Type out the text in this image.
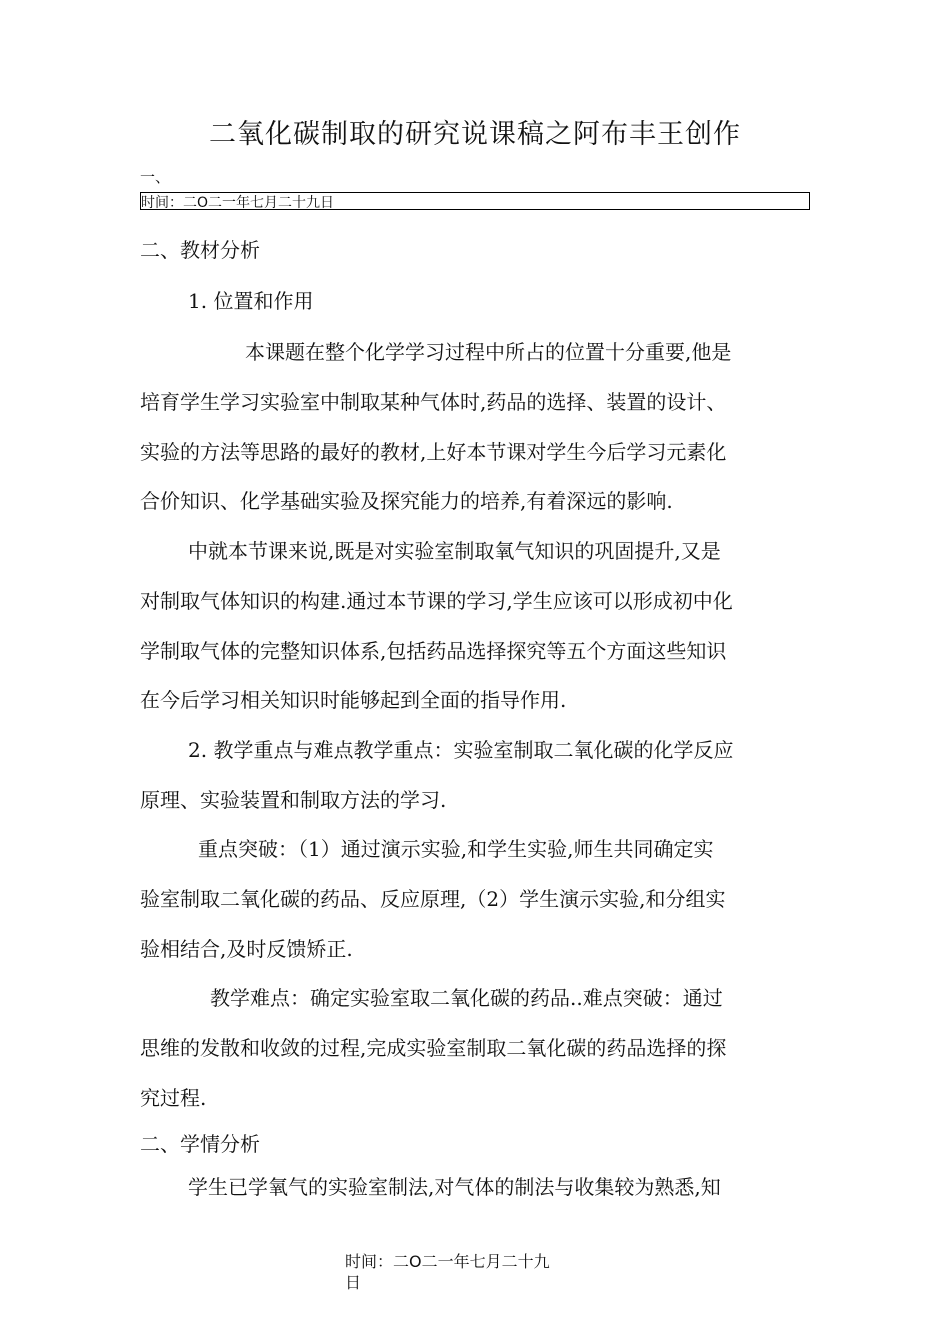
二氧化碳制取的研究说课稿之阿布丰王创作
一、
时间：二O二一年七月二十九日
二、教材分析
1. 位置和作用
本课题在整个化学学习过程中所占的位置十分重要,他是
培育学生学习实验室中制取某种气体时,药品的选择、装置的设计、
实验的方法等思路的最好的教材,上好本节课对学生今后学习元素化
合价知识、化学基础实验及探究能力的培养,有着深远的影响.
中就本节课来说,既是对实验室制取氧气知识的巩固提升,又是
对制取气体知识的构建.通过本节课的学习,学生应该可以形成初中化
学制取气体的完整知识体系,包括药品选择探究等五个方面这些知识
在今后学习相关知识时能够起到全面的指导作用.
2. 教学重点与难点教学重点：实验室制取二氧化碳的化学反应
原理、实验装置和制取方法的学习.
重点突破：（1）通过演示实验,和学生实验,师生共同确定实
验室制取二氧化碳的药品、反应原理,（2）学生演示实验,和分组实
验相结合,及时反馈矫正.
教学难点：确定实验室取二氧化碳的药品..难点突破：通过
思维的发散和收敛的过程,完成实验室制取二氧化碳的药品选择的探
究过程.
二、学情分析
学生已学氧气的实验室制法,对气体的制法与收集较为熟悉,知
时间：二O二一年七月二十九
日
